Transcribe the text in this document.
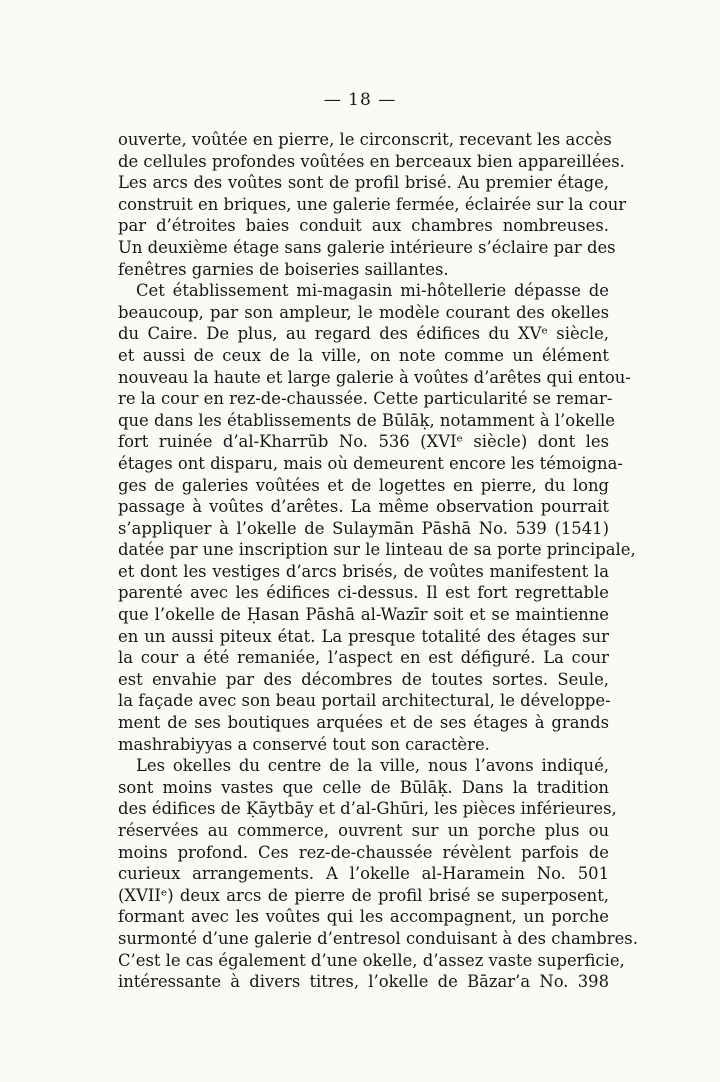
— 18 —
ouverte, voûtée en pierre, le circonscrit, recevant les accès
de cellules profondes voûtées en berceaux bien appareillées.
Les arcs des voûtes sont de profil brisé. Au premier étage,
construit en briques, une galerie fermée, éclairée sur la cour
par d’étroites baies conduit aux chambres nombreuses.
Un deuxième étage sans galerie intérieure s’éclaire par des
fenêtres garnies de boiseries saillantes.
Cet établissement mi-magasin mi-hôtellerie dépasse de
beaucoup, par son ampleur, le modèle courant des okelles
du Caire. De plus, au regard des édifices du XVᵉ siècle,
et aussi de ceux de la ville, on note comme un élément
nouveau la haute et large galerie à voûtes d’arêtes qui entou-
re la cour en rez-de-chaussée. Cette particularité se remar-
que dans les établissements de Būlāḳ, notamment à l’okelle
fort ruinée d’al-Kharrūb No. 536 (XVIᵉ siècle) dont les
étages ont disparu, mais où demeurent encore les témoigna-
ges de galeries voûtées et de logettes en pierre, du long
passage à voûtes d’arêtes. La même observation pourrait
s’appliquer à l’okelle de Sulaymān Pāshā No. 539 (1541)
datée par une inscription sur le linteau de sa porte principale,
et dont les vestiges d’arcs brisés, de voûtes manifestent la
parenté avec les édifices ci-dessus. Il est fort regrettable
que l’okelle de Ḥasan Pāshā al-Wazīr soit et se maintienne
en un aussi piteux état. La presque totalité des étages sur
la cour a été remaniée, l’aspect en est défiguré. La cour
est envahie par des décombres de toutes sortes. Seule,
la façade avec son beau portail architectural, le développe-
ment de ses boutiques arquées et de ses étages à grands
mashrabiyyas a conservé tout son caractère.
Les okelles du centre de la ville, nous l’avons indiqué,
sont moins vastes que celle de Būlāḳ. Dans la tradition
des édifices de Ḳāytbāy et d’al-Ghūri, les pièces inférieures,
réservées au commerce, ouvrent sur un porche plus ou
moins profond. Ces rez-de-chaussée révèlent parfois de
curieux arrangements. A l’okelle al-Haramein No. 501
(XVIIᵉ) deux arcs de pierre de profil brisé se superposent,
formant avec les voûtes qui les accompagnent, un porche
surmonté d’une galerie d’entresol conduisant à des chambres.
C’est le cas également d’une okelle, d’assez vaste superficie,
intéressante à divers titres, l’okelle de Bāzar’a No. 398
